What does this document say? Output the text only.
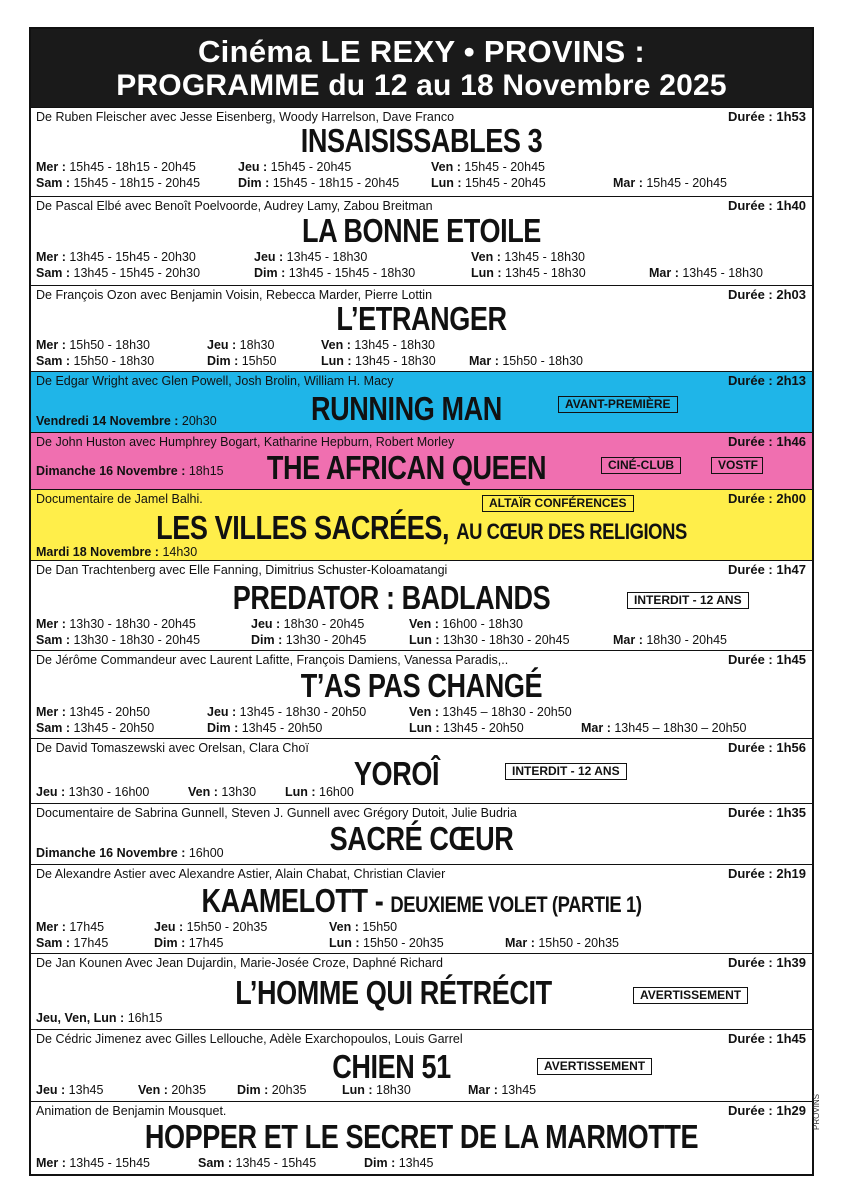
Cinéma LE REXY • PROVINS :
PROGRAMME du 12 au 18 Novembre 2025
De Ruben Fleischer avec Jesse Eisenberg, Woody Harrelson, Dave Franco	Durée : 1h53
INSAISISSABLES 3
Mer : 15h45 - 18h15 - 20h45	Jeu : 15h45 - 20h45	Ven : 15h45 - 20h45
Sam : 15h45 - 18h15 - 20h45	Dim : 15h45 - 18h15 - 20h45	Lun : 15h45 - 20h45	Mar : 15h45 - 20h45
De Pascal Elbé avec Benoît Poelvoorde, Audrey Lamy, Zabou Breitman	Durée : 1h40
LA BONNE ETOILE
Mer : 13h45 - 15h45 - 20h30	Jeu : 13h45 - 18h30	Ven : 13h45 - 18h30
Sam : 13h45 - 15h45 - 20h30	Dim : 13h45 - 15h45 - 18h30	Lun : 13h45 - 18h30	Mar : 13h45 - 18h30
De François Ozon avec Benjamin Voisin, Rebecca Marder, Pierre Lottin	Durée : 2h03
L’ETRANGER
Mer : 15h50 - 18h30	Jeu : 18h30	Ven : 13h45 - 18h30
Sam : 15h50 - 18h30	Dim : 15h50	Lun : 13h45 - 18h30	Mar : 15h50 - 18h30
De Edgar Wright avec Glen Powell, Josh Brolin, William H. Macy	Durée : 2h13
RUNNING MAN	AVANT-PREMIÈRE
Vendredi 14 Novembre : 20h30
De John Huston avec Humphrey Bogart, Katharine Hepburn, Robert Morley	Durée : 1h46
THE AFRICAN QUEEN
Dimanche 16 Novembre : 18h15	CINÉ-CLUB	VOSTF
Documentaire de Jamel Balhi.	Durée : 2h00
ALTAÏR CONFÉRENCES
LES VILLES SACRÉES, AU CŒUR DES RELIGIONS
Mardi 18 Novembre : 14h30
De Dan Trachtenberg avec Elle Fanning, Dimitrius Schuster-Koloamatangi	Durée : 1h47
PREDATOR : BADLANDS	INTERDIT - 12 ANS
Mer : 13h30 - 18h30 - 20h45	Jeu : 18h30 - 20h45	Ven : 16h00 - 18h30
Sam : 13h30 - 18h30 - 20h45	Dim : 13h30 - 20h45	Lun : 13h30 - 18h30 - 20h45	Mar : 18h30 - 20h45
De Jérôme Commandeur avec Laurent Lafitte, François Damiens, Vanessa Paradis,..	Durée : 1h45
T’AS PAS CHANGÉ
Mer : 13h45 - 20h50	Jeu : 13h45 - 18h30 - 20h50	Ven : 13h45 – 18h30 - 20h50
Sam : 13h45 - 20h50	Dim : 13h45 - 20h50	Lun : 13h45 - 20h50	Mar : 13h45 – 18h30 – 20h50
De David Tomaszewski avec Orelsan, Clara Choï	Durée : 1h56
YOROÎ	INTERDIT - 12 ANS
Jeu : 13h30 - 16h00	Ven : 13h30 Lun : 16h00
Documentaire de Sabrina Gunnell, Steven J. Gunnell avec Grégory Dutoit, Julie Budria	Durée : 1h35
SACRÉ CŒUR
Dimanche 16 Novembre : 16h00
De Alexandre Astier avec Alexandre Astier, Alain Chabat, Christian Clavier	Durée : 2h19
KAAMELOTT - DEUXIEME VOLET (PARTIE 1)
Mer : 17h45	Jeu : 15h50 - 20h35	Ven : 15h50
Sam : 17h45	Dim : 17h45	Lun : 15h50 - 20h35	Mar : 15h50 - 20h35
De Jan Kounen Avec Jean Dujardin, Marie-Josée Croze, Daphné Richard	Durée : 1h39
L’HOMME QUI RÉTRÉCIT	AVERTISSEMENT
Jeu, Ven, Lun : 16h15
De Cédric Jimenez avec Gilles Lellouche, Adèle Exarchopoulos, Louis Garrel	Durée : 1h45
CHIEN 51	AVERTISSEMENT
Jeu : 13h45	Ven : 20h35 Dim : 20h35	Lun : 18h30	Mar : 13h45
Animation de Benjamin Mousquet.	Durée : 1h29
HOPPER ET LE SECRET DE LA MARMOTTE
Mer : 13h45 - 15h45	Sam : 13h45 - 15h45	Dim : 13h45
PROVINS
